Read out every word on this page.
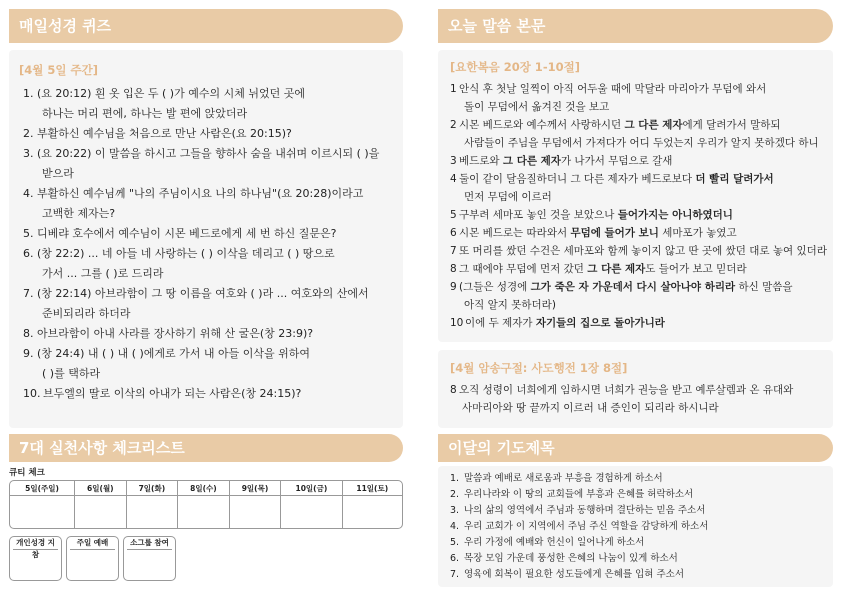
매일성경 퀴즈
[4월 5일 주간]
1. (요 20:12) 흰 옷 입은 두 ( )가 예수의 시체 뉘었던 곳에
하나는 머리 편에, 하나는 발 편에 앉았더라
2. 부활하신 예수님을 처음으로 만난 사람은(요 20:15)?
3. (요 20:22) 이 말씀을 하시고 그들을 향하사 숨을 내쉬며 이르시되 ( )을
받으라
4. 부활하신 예수님께 "나의 주님이시요 나의 하나님"(요 20:28)이라고
고백한 제자는?
5. 디베랴 호수에서 예수님이 시몬 베드로에게 세 번 하신 질문은?
6. (창 22:2) ... 네 아들 네 사랑하는 ( ) 이삭을 데리고 ( ) 땅으로
가서 ... 그를 ( )로 드리라
7. (창 22:14) 아브라함이 그 땅 이름을 여호와 ( )라 ... 여호와의 산에서
준비되리라 하더라
8. 아브라함이 아내 사라를 장사하기 위해 산 굴은(창 23:9)?
9. (창 24:4) 내 ( ) 내 ( )에게로 가서 내 아들 이삭을 위하여
( )를 택하라
10. 브두엘의 딸로 이삭의 아내가 되는 사람은(창 24:15)?
오늘 말씀 본문
[요한복음 20장 1-10절]
1 안식 후 첫날 일찍이 아직 어두울 때에 막달라 마리아가 무덤에 와서
돌이 무덤에서 옮겨진 것을 보고
2 시몬 베드로와 예수께서 사랑하시던 그 다른 제자에게 달려가서 말하되
사람들이 주님을 무덤에서 가져다가 어디 두었는지 우리가 알지 못하겠다 하니
3 베드로와 그 다른 제자가 나가서 무덤으로 갈새
4 둘이 같이 달음질하더니 그 다른 제자가 베드로보다 더 빨리 달려가서
먼저 무덤에 이르러
5 구부려 세마포 놓인 것을 보았으나 들어가지는 아니하였더니
6 시몬 베드로는 따라와서 무덤에 들어가 보니 세마포가 놓였고
7 또 머리를 쌌던 수건은 세마포와 함께 놓이지 않고 딴 곳에 쌌던 대로 놓여 있더라
8 그 때에야 무덤에 먼저 갔던 그 다른 제자도 들어가 보고 믿더라
9 (그들은 성경에 그가 죽은 자 가운데서 다시 살아나야 하리라 하신 말씀을
아직 알지 못하더라)
10 이에 두 제자가 자기들의 집으로 돌아가니라
[4월 암송구절: 사도행전 1장 8절]
8 오직 성령이 너희에게 임하시면 너희가 권능을 받고 예루살렘과 온 유대와
사마리아와 땅 끝까지 이르러 내 증인이 되리라 하시니라
7대 실천사항 체크리스트
큐티 체크
5일(주일)	6일(월)	7일(화)	8일(수)	9일(목)	10일(금)	11일(토)

개인성경 지참
주일 예배	소그룹 참여
이달의 기도제목
1. 말씀과 예배로 새로움과 부흥을 경험하게 하소서
2. 우리나라와 이 땅의 교회들에 부흥과 은혜를 허락하소서
3. 나의 삶의 영역에서 주님과 동행하며 결단하는 믿음 주소서
4. 우리 교회가 이 지역에서 주님 주신 역할을 감당하게 하소서
5. 우리 가정에 예배와 헌신이 일어나게 하소서
6. 목장 모임 가운데 풍성한 은혜의 나눔이 있게 하소서
7. 영육에 회복이 필요한 성도들에게 은혜를 입혀 주소서
